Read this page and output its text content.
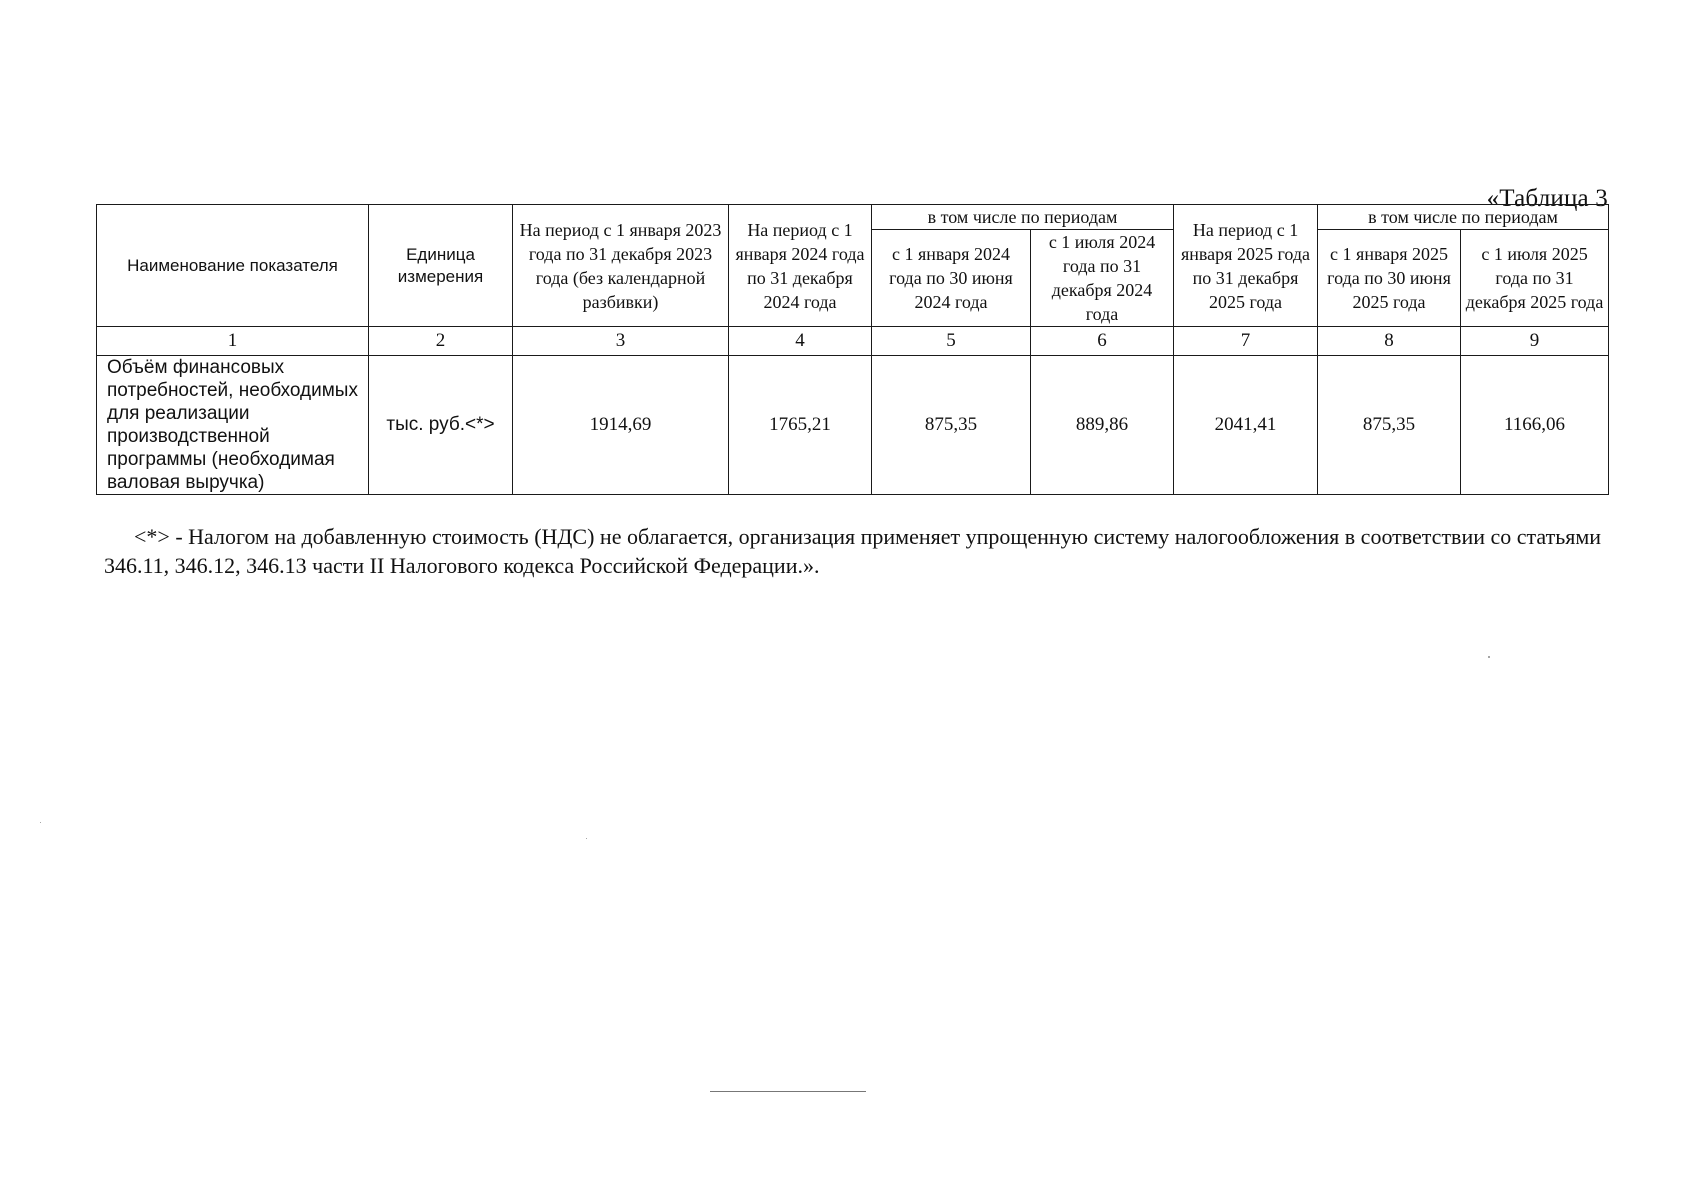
«Таблица 3
Наименование показателя	Единица измерения	На период с 1 января 2023 года по 31 декабря 2023 года (без календарной разбивки)	На период с 1 января 2024 года по 31 декабря 2024 года	в том числе по периодам		На период с 1 января 2025 года по 31 декабря 2025 года	в том числе по периодам	
				с 1 января 2024 года по 30 июня 2024 года	с 1 июля 2024 года по 31 декабря 2024 года		с 1 января 2025 года по 30 июня 2025 года	с 1 июля 2025 года по 31 декабря 2025 года
1	2	3	4	5	6	7	8	9
Объём финансовых потребностей, необходимых для реализации производственной программы (необходимая валовая выручка)	тыс. руб.<*>	1914,69	1765,21	875,35	889,86	2041,41	875,35	1166,06

<*> - Налогом на добавленную стоимость (НДС) не облагается, организация применяет упрощенную систему налогообложения в соответствии со статьями 346.11, 346.12, 346.13 части II Налогового кодекса Российской Федерации.».
